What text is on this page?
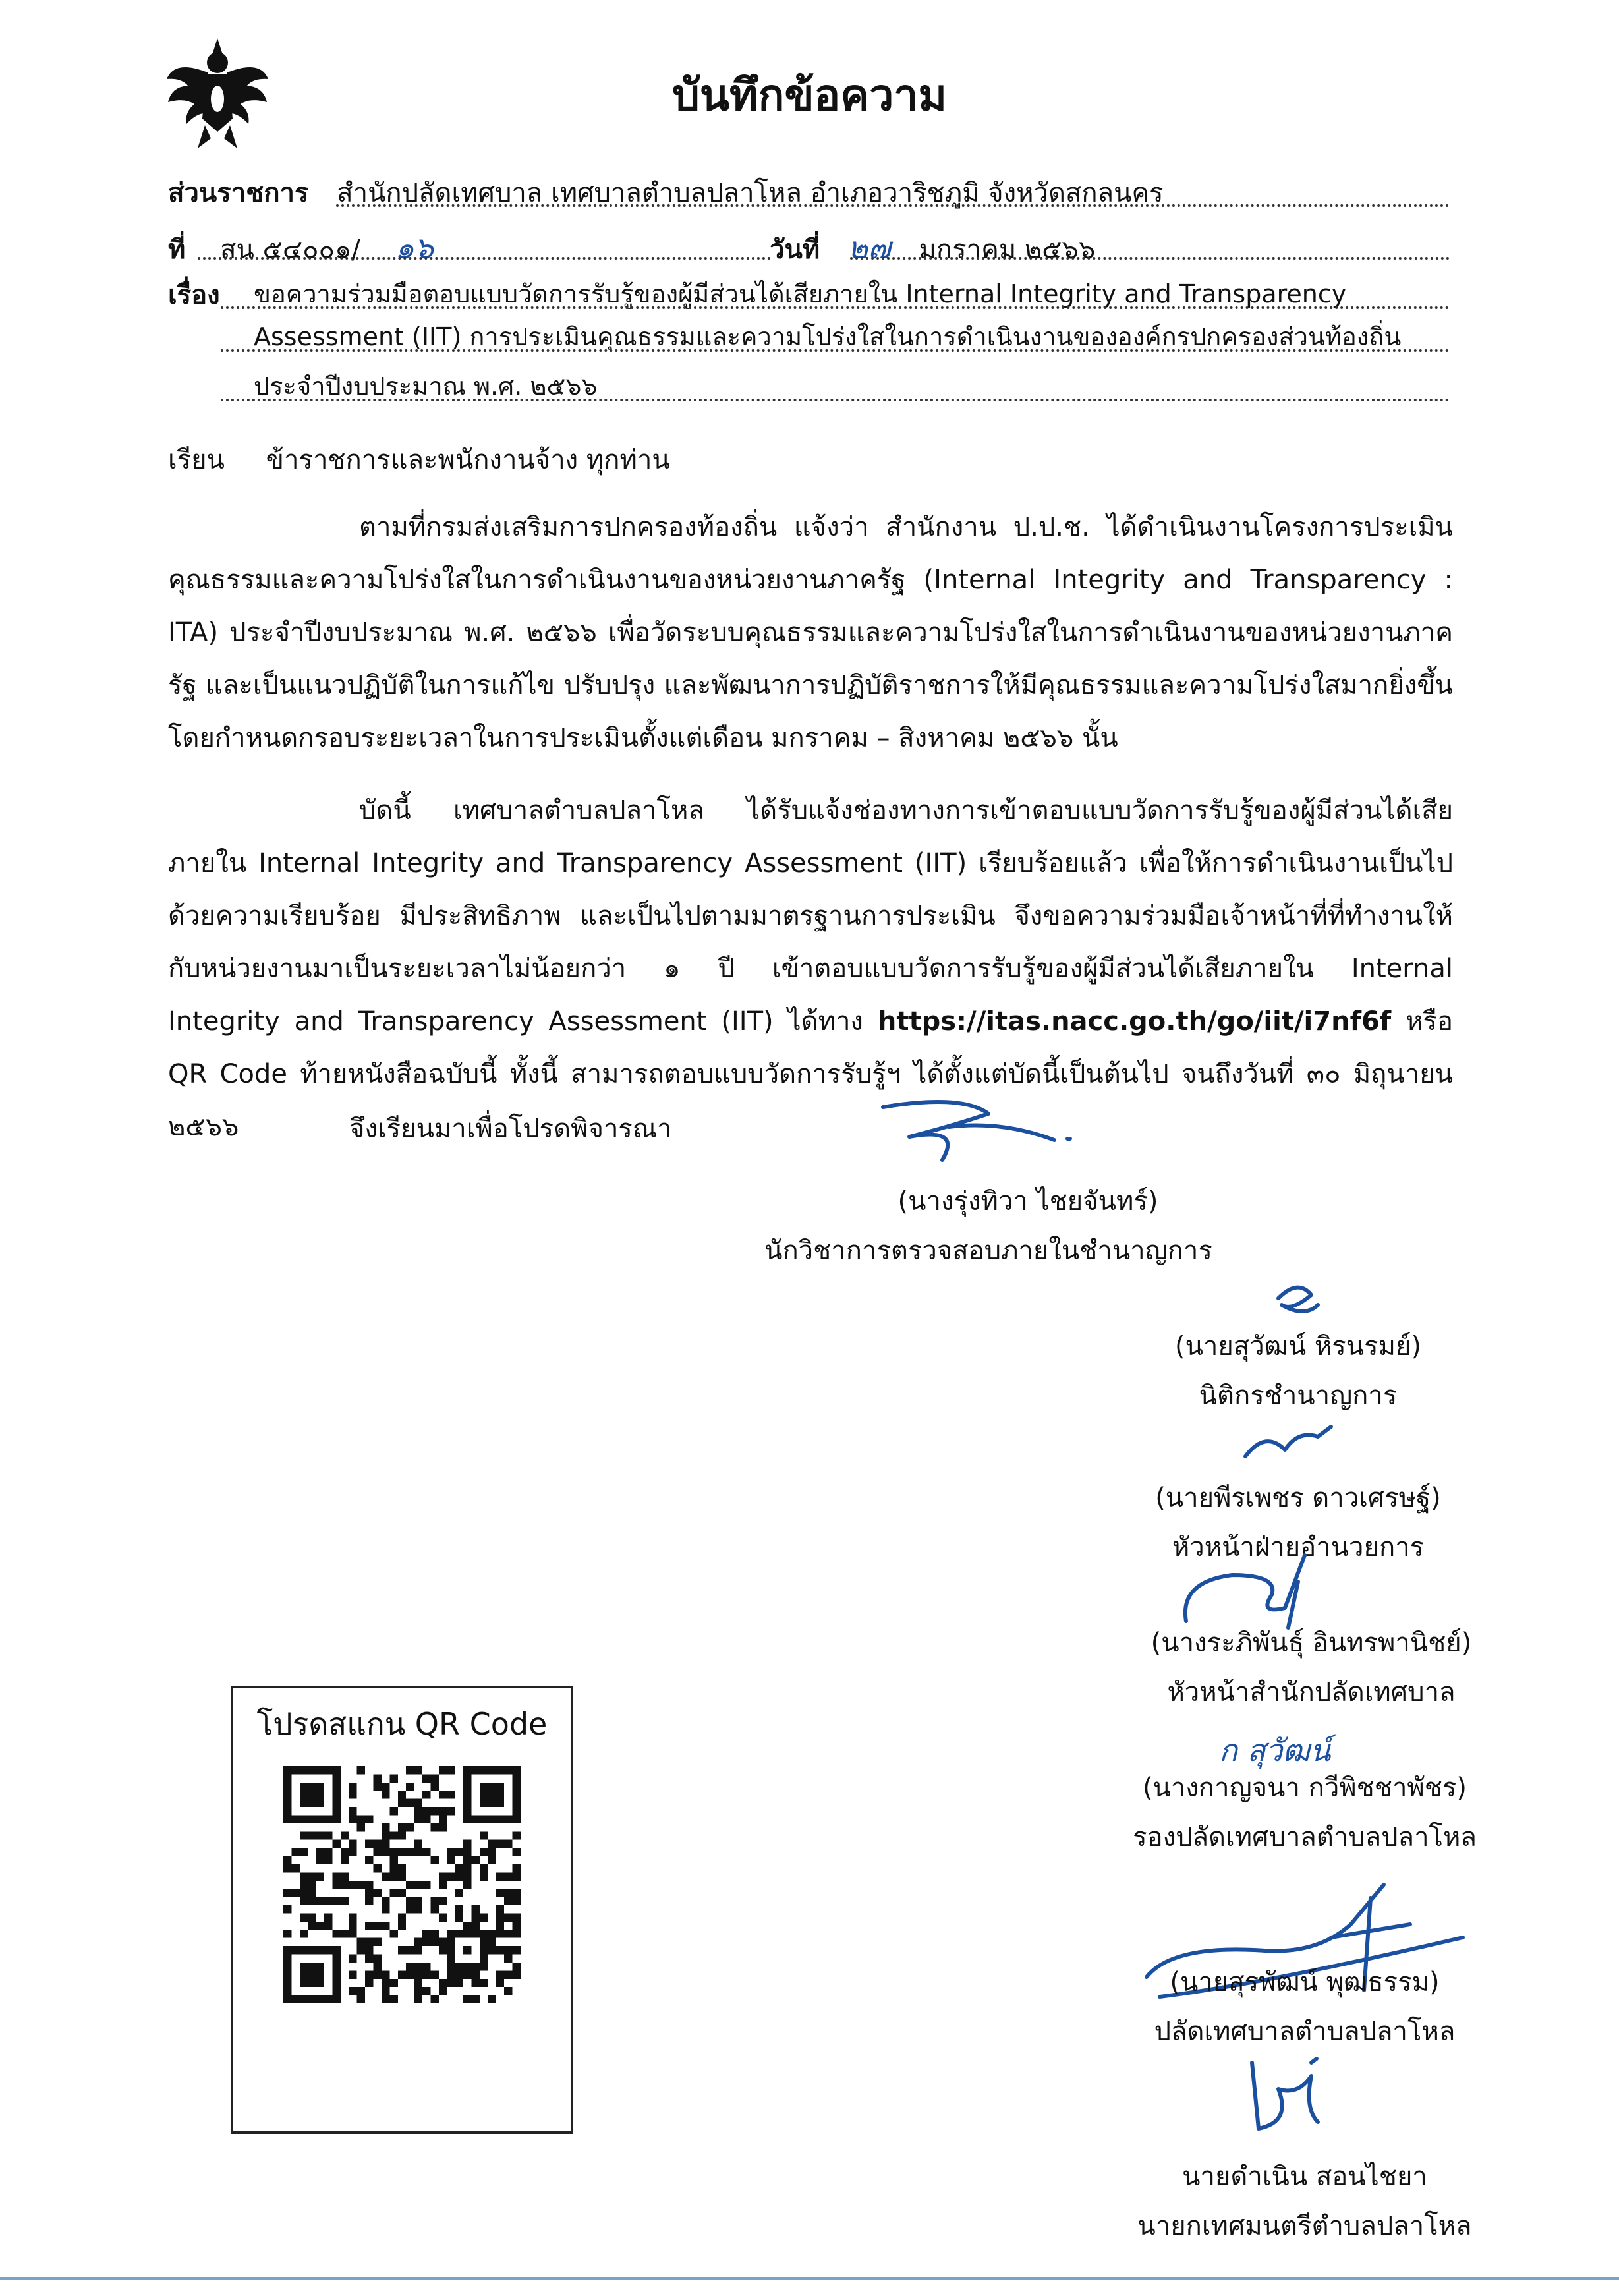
บันทึกข้อความ
ส่วนราชการ สำนักปลัดเทศบาล เทศบาลตำบลปลาโหล อำเภอวาริชภูมิ จังหวัดสกลนคร
ที่ สน ๕๔๐๐๑/ ๑๖	วันที่ ๒๗ มกราคม ๒๕๖๖
เรื่อง ขอความร่วมมือตอบแบบวัดการรับรู้ของผู้มีส่วนได้เสียภายใน Internal Integrity and Transparency
Assessment (IIT) การประเมินคุณธรรมและความโปร่งใสในการดำเนินงานขององค์กรปกครองส่วนท้องถิ่น
ประจำปีงบประมาณ พ.ศ. ๒๕๖๖
เรียน ข้าราชการและพนักงานจ้าง ทุกท่าน
ตามที่กรมส่งเสริมการปกครองท้องถิ่น แจ้งว่า สำนักงาน ป.ป.ช. ได้ดำเนินงานโครงการประเมินคุณธรรมและความโปร่งใสในการดำเนินงานของหน่วยงานภาครัฐ (Internal Integrity and Transparency : ITA) ประจำปีงบประมาณ พ.ศ. ๒๕๖๖ เพื่อวัดระบบคุณธรรมและความโปร่งใสในการดำเนินงานของหน่วยงานภาครัฐ และเป็นแนวปฏิบัติในการแก้ไข ปรับปรุง และพัฒนาการปฏิบัติราชการให้มีคุณธรรมและความโปร่งใสมากยิ่งขึ้น โดยกำหนดกรอบระยะเวลาในการประเมินตั้งแต่เดือน มกราคม – สิงหาคม ๒๕๖๖ นั้น
บัดนี้ เทศบาลตำบลปลาโหล ได้รับแจ้งช่องทางการเข้าตอบแบบวัดการรับรู้ของผู้มีส่วนได้เสียภายใน Internal Integrity and Transparency Assessment (IIT) เรียบร้อยแล้ว เพื่อให้การดำเนินงานเป็นไปด้วยความเรียบร้อย มีประสิทธิภาพ และเป็นไปตามมาตรฐานการประเมิน จึงขอความร่วมมือเจ้าหน้าที่ที่ทำงานให้กับหน่วยงานมาเป็นระยะเวลาไม่น้อยกว่า ๑ ปี เข้าตอบแบบวัดการรับรู้ของผู้มีส่วนได้เสียภายใน Internal Integrity and Transparency Assessment (IIT) ได้ทาง https://itas.nacc.go.th/go/iit/i7nf6f หรือ QR Code ท้ายหนังสือฉบับนี้ ทั้งนี้ สามารถตอบแบบวัดการรับรู้ฯ ได้ตั้งแต่บัดนี้เป็นต้นไป จนถึงวันที่ ๓๐ มิถุนายน ๒๕๖๖	จึงเรียนมาเพื่อโปรดพิจารณา
(นางรุ่งทิวา ไชยจันทร์)
นักวิชาการตรวจสอบภายในชำนาญการ
(นายสุวัฒน์ หิรนรมย์)
นิติกรชำนาญการ
(นายพีรเพชร ดาวเศรษฐ์)
หัวหน้าฝ่ายอำนวยการ
(นางระภิพันธุ์ อินทรพานิชย์)
หัวหน้าสำนักปลัดเทศบาล
ก สุวัฒน์
(นางกาญจนา กวีพิชชาพัชร)
รองปลัดเทศบาลตำบลปลาโหล
(นายสุรพัฒน์ พุฒธรรม)
ปลัดเทศบาลตำบลปลาโหล
นายดำเนิน สอนไชยา
นายกเทศมนตรีตำบลปลาโหล
โปรดสแกน QR Code
